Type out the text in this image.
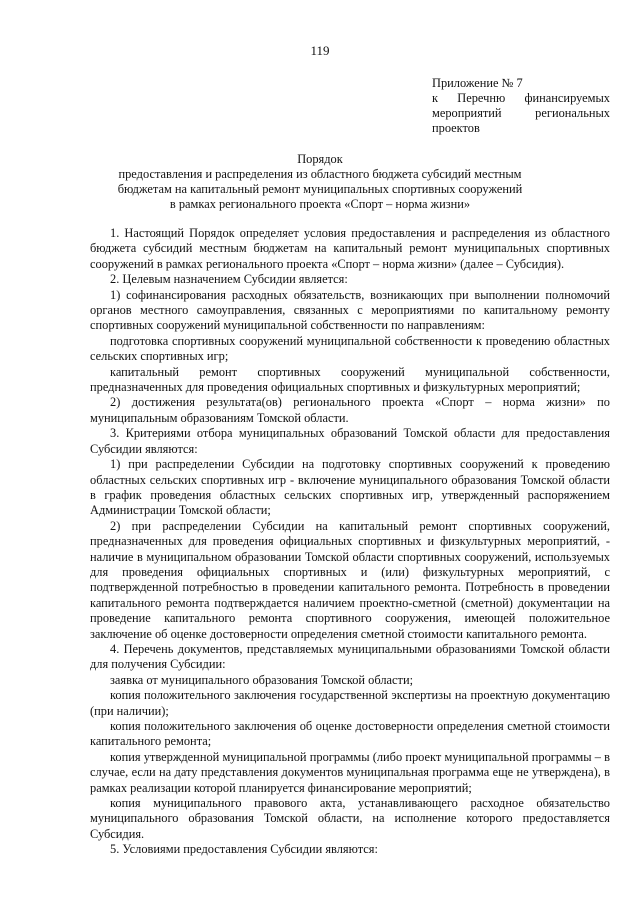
119
Приложение № 7
к Перечню финансируемых
мероприятий региональных
проектов
Порядок
предоставления и распределения из областного бюджета субсидий местным
бюджетам на капитальный ремонт муниципальных спортивных сооружений
в рамках регионального проекта «Спорт – норма жизни»

1. Настоящий Порядок определяет условия предоставления и распределения из областного бюджета субсидий местным бюджетам на капитальный ремонт муниципальных спортивных сооружений в рамках регионального проекта «Спорт – норма жизни» (далее – Субсидия).

2. Целевым назначением Субсидии является:

1) софинансирования расходных обязательств, возникающих при выполнении полномочий органов местного самоуправления, связанных с мероприятиями по капитальному ремонту спортивных сооружений муниципальной собственности по направлениям:

подготовка спортивных сооружений муниципальной собственности к проведению областных сельских спортивных игр;

капитальный ремонт спортивных сооружений муниципальной собственности, предназначенных для проведения официальных спортивных и физкультурных мероприятий;

2) достижения результата(ов) регионального проекта «Спорт – норма жизни» по муниципальным образованиям Томской области.

3. Критериями отбора муниципальных образований Томской области для предоставления Субсидии являются:

1) при распределении Субсидии на подготовку спортивных сооружений к проведению областных сельских спортивных игр - включение муниципального образования Томской области в график проведения областных сельских спортивных игр, утвержденный распоряжением Администрации Томской области;

2) при распределении Субсидии на капитальный ремонт спортивных сооружений, предназначенных для проведения официальных спортивных и физкультурных мероприятий, - наличие в муниципальном образовании Томской области спортивных сооружений, используемых для проведения официальных спортивных и (или) физкультурных мероприятий, с подтвержденной потребностью в проведении капитального ремонта. Потребность в проведении капитального ремонта подтверждается наличием проектно-сметной (сметной) документации на проведение капитального ремонта спортивного сооружения, имеющей положительное заключение об оценке достоверности определения сметной стоимости капитального ремонта.

4. Перечень документов, представляемых муниципальными образованиями Томской области для получения Субсидии:

заявка от муниципального образования Томской области;

копия положительного заключения государственной экспертизы на проектную документацию (при наличии);

копия положительного заключения об оценке достоверности определения сметной стоимости капитального ремонта;

копия утвержденной муниципальной программы (либо проект муниципальной программы – в случае, если на дату представления документов муниципальная программа еще не утверждена), в рамках реализации которой планируется финансирование мероприятий;

копия муниципального правового акта, устанавливающего расходное обязательство муниципального образования Томской области, на исполнение которого предоставляется Субсидия.

5. Условиями предоставления Субсидии являются:
